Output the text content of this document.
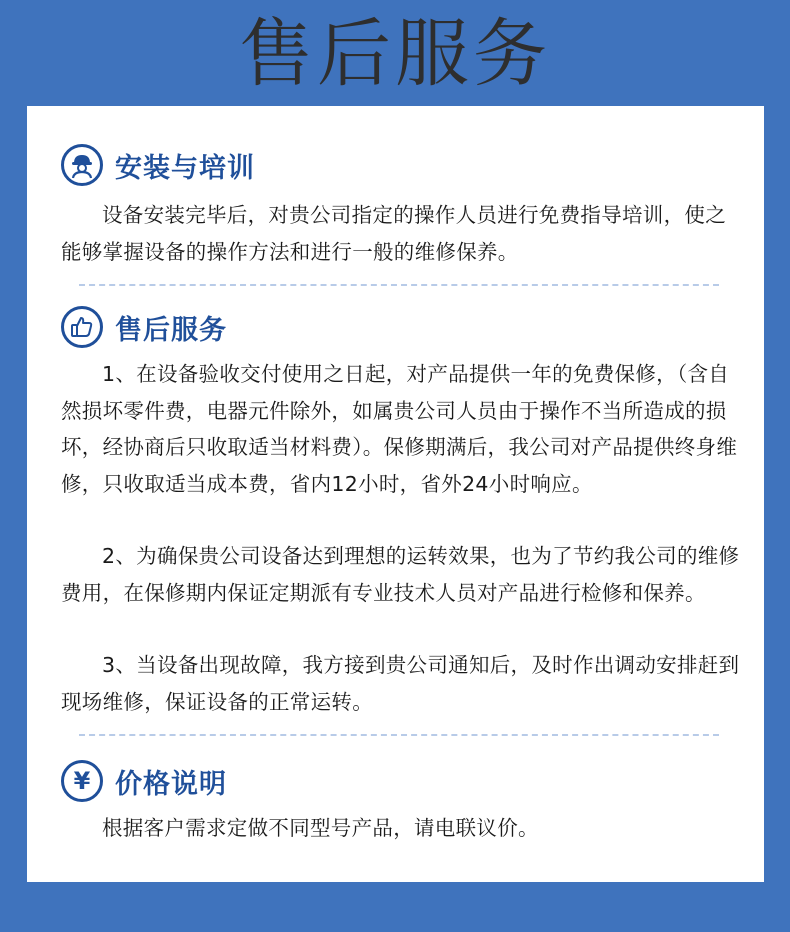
售后服务
安装与培训

设备安装完毕后，对贵公司指定的操作人员进行免费指导培训，使之能够掌握设备的操作方法和进行一般的维修保养。

售后服务

1、在设备验收交付使用之日起，对产品提供一年的免费保修，（含自然损坏零件费，电器元件除外，如属贵公司人员由于操作不当所造成的损坏，经协商后只收取适当材料费）。保修期满后，我公司对产品提供终身维修，只收取适当成本费，省内12小时，省外24小时响应。

2、为确保贵公司设备达到理想的运转效果，也为了节约我公司的维修费用，在保修期内保证定期派有专业技术人员对产品进行检修和保养。

3、当设备出现故障，我方接到贵公司通知后，及时作出调动安排赶到现场维修，保证设备的正常运转。

¥ 价格说明

根据客户需求定做不同型号产品，请电联议价。
